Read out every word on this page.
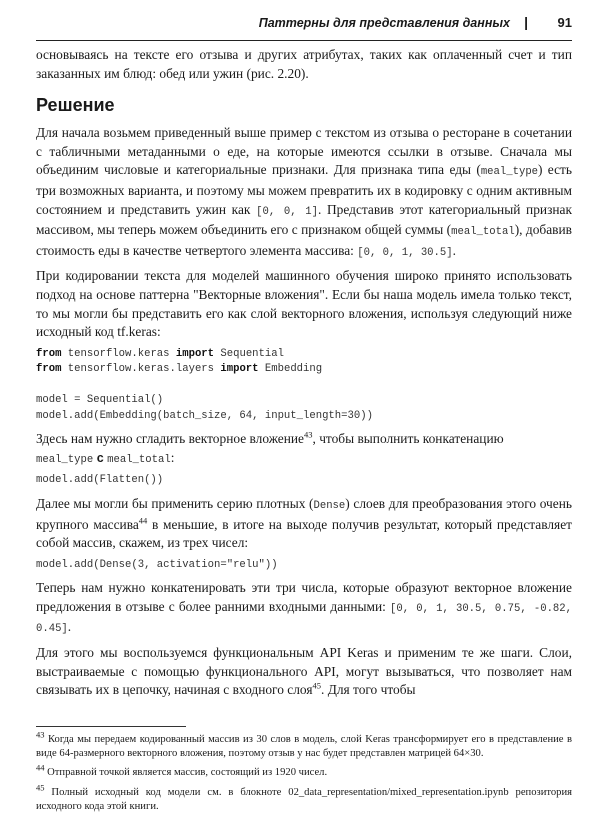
Паттерны для представления данных | 91

основываясь на тексте его отзыва и других атрибутах, таких как оплаченный счет и тип заказанных им блюд: обед или ужин (рис. 2.20).

Решение

Для начала возьмем приведенный выше пример с текстом из отзыва о ресторане в сочетании с табличными метаданными о еде, на которые имеются ссылки в отзыве. Сначала мы объединим числовые и категориальные признаки. Для признака типа еды (meal_type) есть три возможных варианта, и поэтому мы можем превратить их в кодировку с одним активным состоянием и представить ужин как [0, 0, 1]. Представив этот категориальный признак массивом, мы теперь можем объединить его с признаком общей суммы (meal_total), добавив стоимость еды в качестве четвертого элемента массива: [0, 0, 1, 30.5].

При кодировании текста для моделей машинного обучения широко принято использовать подход на основе паттерна "Векторные вложения". Если бы наша модель имела только текст, то мы могли бы представить его как слой векторного вложения, используя следующий ниже исходный код tf.keras:

from tensorflow.keras import Sequential
from tensorflow.keras.layers import Embedding

model = Sequential()
model.add(Embedding(batch_size, 64, input_length=30))

Здесь нам нужно сгладить векторное вложение$^{43}$, чтобы выполнить конкатенацию

meal_type c meal_total:
model.add(Flatten())

Далее мы могли бы применить серию плотных (Dense) слоев для преобразования этого очень крупного массива$^{44}$ в меньшие, в итоге на выходе получив результат, который представляет собой массив, скажем, из трех чисел:

model.add(Dense(3, activation="relu"))

Теперь нам нужно конкатенировать эти три числа, которые образуют векторное вложение предложения в отзыве с более ранними входными данными: [0, 0, 1, 30.5, 0.75, -0.82, 0.45].

Для этого мы воспользуемся функциональным API Keras и применим те же шаги. Слои, выстраиваемые с помощью функционального API, могут вызываться, что позволяет нам связывать их в цепочку, начиная с входного слоя$^{45}$. Для того чтобы

$^{43}$ Когда мы передаем кодированный массив из 30 слов в модель, слой Keras трансформирует его в представление в виде 64-размерного векторного вложения, поэтому отзыв у нас будет представлен матрицей 64×30.

$^{44}$ Отправной точкой является массив, состоящий из 1920 чисел.

$^{45}$ Полный исходный код модели см. в блокноте 02_data_representation/mixed_representation.ipynb репозитория исходного кода этой книги.
